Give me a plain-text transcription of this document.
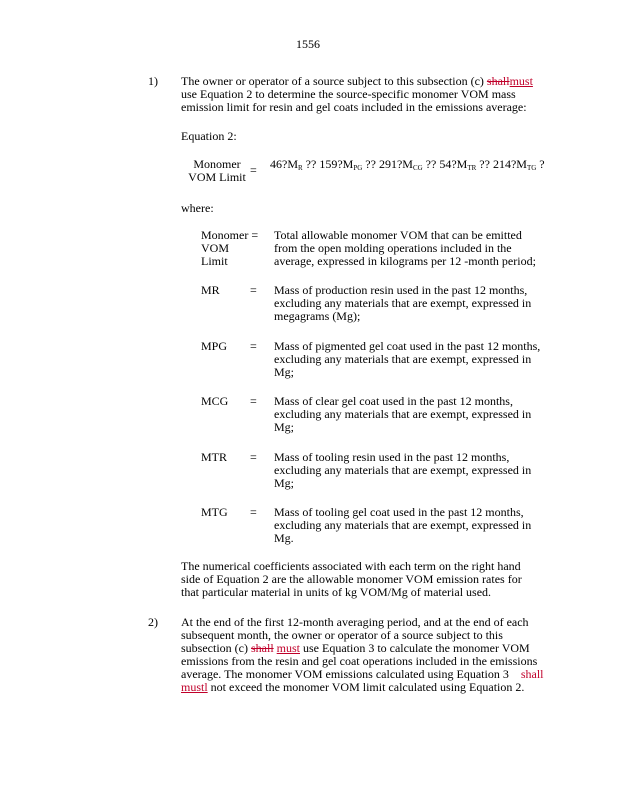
1556
1) The owner or operator of a source subject to this subsection (c) shallmust
use Equation 2 to determine the source-specific monomer VOM mass
emission limit for resin and gel coats included in the emissions average:
Equation 2:
Monomer
VOM Limit = $46?M_R$ ?? $159?M_{PG}$ ?? $291?M_{CG}$ ?? $54?M_{TR}$ ?? $214?M_{TG}$ ?
where:
Monomer =
VOM
Limit
Total allowable monomer VOM that can be emitted
from the open molding operations included in the
average, expressed in kilograms per 12 -month period;
MR	= Mass of production resin used in the past 12 months,
excluding any materials that are exempt, expressed in
megagrams (Mg);
MPG = Mass of pigmented gel coat used in the past 12 months,
excluding any materials that are exempt, expressed in
Mg;
MCG = Mass of clear gel coat used in the past 12 months,
excluding any materials that are exempt, expressed in
Mg;
MTR = Mass of tooling resin used in the past 12 months,
excluding any materials that are exempt, expressed in
Mg;
MTG = Mass of tooling gel coat used in the past 12 months,
excluding any materials that are exempt, expressed in
Mg.
The numerical coefficients associated with each term on the right hand
side of Equation 2 are the allowable monomer VOM emission rates for
that particular material in units of kg VOM/Mg of material used.
2) At the end of the first 12-month averaging period, and at the end of each
subsequent month, the owner or operator of a source subject to this
subsection (c) shall must use Equation 3 to calculate the monomer VOM
emissions from the resin and gel coat operations included in the emissions
average. The monomer VOM emissions calculated using Equation 3 shall
mustl not exceed the monomer VOM limit calculated using Equation 2.
